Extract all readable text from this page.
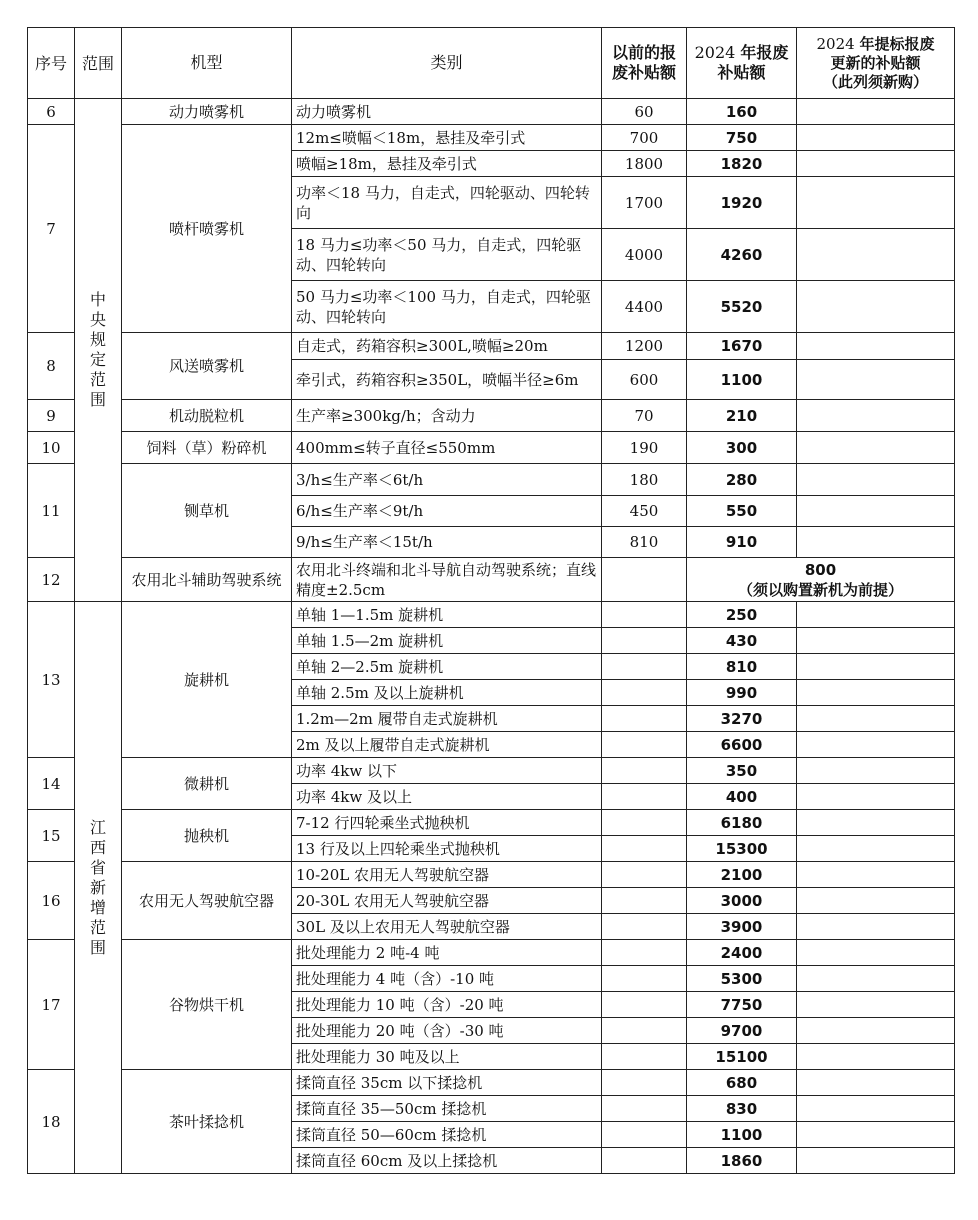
序号	范围	机型	类别	以前的报废补贴额	2024 年报废补贴额	2024 年提标报废
更新的补贴额
（此列须新购）
6	中央规定范围	动力喷雾机	动力喷雾机	60	160	
7		喷杆喷雾机	12m≤喷幅＜18m，悬挂及牵引式	700	750	
			喷幅≥18m，悬挂及牵引式	1800	1820	
			功率＜18 马力，自走式，四轮驱动、四轮转向	1700	1920	
			18 马力≤功率＜50 马力，自走式，四轮驱动、四轮转向	4000	4260	
			50 马力≤功率＜100 马力，自走式，四轮驱动、四轮转向	4400	5520	
8		风送喷雾机	自走式，药箱容积≥300L,喷幅≥20m	1200	1670	
			牵引式，药箱容积≥350L，喷幅半径≥6m	600	1100	
9		机动脱粒机	生产率≥300kg/h；含动力	70	210	
10		饲料（草）粉碎机	400mm≤转子直径≤550mm	190	300	
11		铡草机	3/h≤生产率＜6t/h	180	280	
			6/h≤生产率＜9t/h	450	550	
			9/h≤生产率＜15t/h	810	910	
12		农用北斗辅助驾驶系统	农用北斗终端和北斗导航自动驾驶系统；直线精度±2.5cm		800
（须以购置新机为前提）	

13	江西省新增范围	旋耕机	单轴 1—1.5m 旋耕机		250	
			单轴 1.5—2m 旋耕机		430	
			单轴 2—2.5m 旋耕机		810	
			单轴 2.5m 及以上旋耕机		990	
			1.2m—2m 履带自走式旋耕机		3270	
			2m 及以上履带自走式旋耕机		6600	
14		微耕机	功率 4kw 以下		350	
			功率 4kw 及以上		400	
15		抛秧机	7-12 行四轮乘坐式抛秧机		6180	
			13 行及以上四轮乘坐式抛秧机		15300	
16		农用无人驾驶航空器	10-20L 农用无人驾驶航空器		2100	
			20-30L 农用无人驾驶航空器		3000	
			30L 及以上农用无人驾驶航空器		3900	
17		谷物烘干机	批处理能力 2 吨-4 吨		2400	
			批处理能力 4 吨（含）-10 吨		5300	
			批处理能力 10 吨（含）-20 吨		7750	
			批处理能力 20 吨（含）-30 吨		9700	
			批处理能力 30 吨及以上		15100	
18		茶叶揉捻机	揉筒直径 35cm 以下揉捻机		680	
			揉筒直径 35—50cm 揉捻机		830	
			揉筒直径 50—60cm 揉捻机		1100	
			揉筒直径 60cm 及以上揉捻机		1860	
